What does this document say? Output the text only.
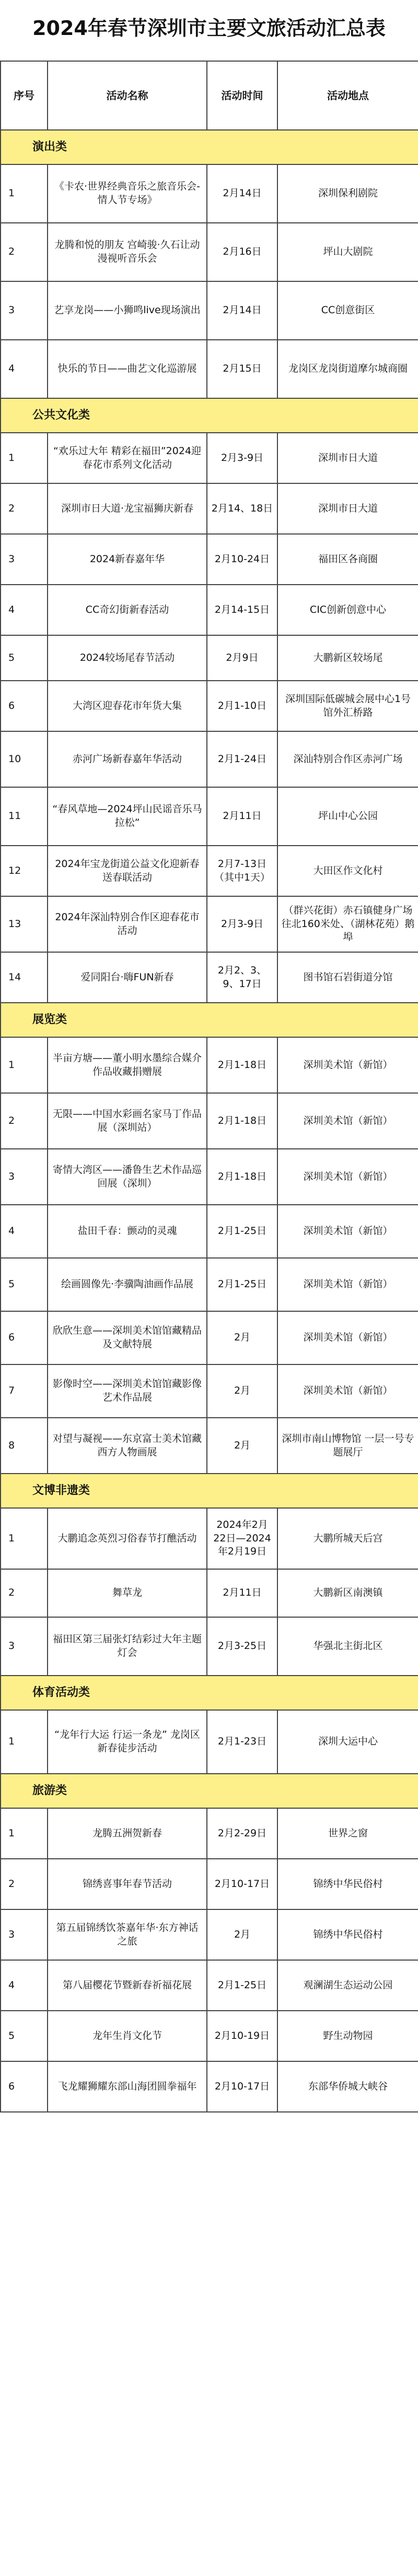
2024年春节深圳市主要文旅活动汇总表
序号	活动名称	活动时间	活动地点
演出类			
1	《卡农·世界经典音乐之旅音乐会-情人节专场》	2月14日	深圳保利剧院
2	龙腾和悦的朋友 宫崎骏·久石让动漫视听音乐会	2月16日	坪山大剧院
3	艺享龙岗——小狮鸣live现场演出	2月14日	CC创意街区
4	快乐的节日——曲艺文化巡游展	2月15日	龙岗区龙岗街道摩尔城商圈
公共文化类			
1	“欢乐过大年 精彩在福田”2024迎春花市系列文化活动	2月3-9日	深圳市日大道
2	深圳市日大道·龙宝福狮庆新春	2月14、18日	深圳市日大道
3	2024新春嘉年华	2月10-24日	福田区各商圈
4	CC奇幻街新春活动	2月14-15日	CIC创新创意中心
5	2024较场尾春节活动	2月9日	大鹏新区较场尾
6	大湾区迎春花市年货大集	2月1-10日	深圳国际低碳城会展中心1号馆外汇桥路
10	赤河广场新春嘉年华活动	2月1-24日	深汕特别合作区赤河广场
11	“春风草地—2024坪山民谣音乐马拉松”	2月11日	坪山中心公园
12	2024年宝龙街道公益文化迎新春送春联活动	2月7-13日（其中1天）	大田区作文化村
13	2024年深汕特别合作区迎春花市活动	2月3-9日	（群兴花街）赤石镇健身广场往北160米处、（湖林花苑）鹅埠
14	爱同阳台·嗨FUN新春	2月2、3、9、17日	图书馆石岩街道分馆
展览类			
1	半亩方塘——董小明水墨综合媒介作品收藏捐赠展	2月1-18日	深圳美术馆（新馆）
2	无限——中国水彩画名家马丁作品展（深圳站）	2月1-18日	深圳美术馆（新馆）
3	寄情大湾区——潘鲁生艺术作品巡回展（深圳）	2月1-18日	深圳美术馆（新馆）
4	盐田千春：颤动的灵魂	2月1-25日	深圳美术馆（新馆）
5	绘画圆像先·李骥陶油画作品展	2月1-25日	深圳美术馆（新馆）
6	欣欣生意——深圳美术馆馆藏精品及文献特展	2月	深圳美术馆（新馆）
7	影像时空——深圳美术馆馆藏影像艺术作品展	2月	深圳美术馆（新馆）
8	对望与凝视——东京富士美术馆藏西方人物画展	2月	深圳市南山博物馆 一层一号专题展厅
文博非遗类			
1	大鹏追念英烈习俗春节打醮活动	2024年2月22日—2024年2月19日	大鹏所城天后宫
2	舞草龙	2月11日	大鹏新区南澳镇
3	福田区第三届张灯结彩过大年主题灯会	2月3-25日	华强北主街北区
体育活动类			
1	“龙年行大运 行运一条龙” 龙岗区新春徒步活动	2月1-23日	深圳大运中心
旅游类			
1	龙腾五洲贺新春	2月2-29日	世界之窗
2	锦绣喜事年春节活动	2月10-17日	锦绣中华民俗村
3	第五届锦绣饮茶嘉年华·东方神话之旅	2月	锦绣中华民俗村
4	第八届樱花节暨新春祈福花展	2月1-25日	观澜湖生态运动公园
5	龙年生肖文化节	2月10-19日	野生动物园
6	飞龙耀狮耀东部山海团圆拳福年	2月10-17日	东部华侨城大峡谷
